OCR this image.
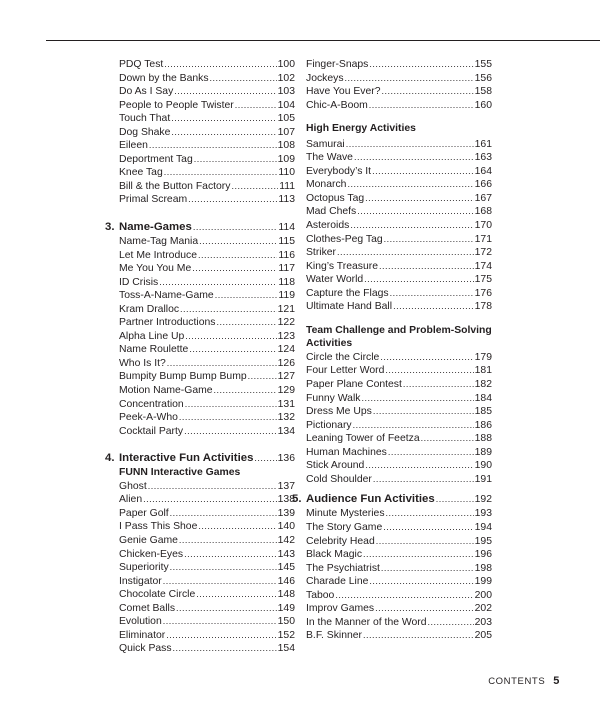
PDQ Test .....	100
Down by the Banks .....	102
Do As I Say .....	103
People to People Twister .....	104
Touch That .....	105
Dog Shake .....	107
Eileen .....	108
Deportment Tag .....	109
Knee Tag .....	110
Bill & the Button Factory .....	111
Primal Scream .....	113
3. Name-Games .....	114
Name-Tag Mania .....	115
Let Me Introduce .....	116
Me You You Me .....	117
ID Crisis .....	118
Toss-A-Name-Game .....	119
Kram Dralloc .....	121
Partner Introductions .....	122
Alpha Line Up .....	123
Name Roulette .....	124
Who Is It? .....	126
Bumpity Bump Bump Bump .....	127
Motion Name-Game .....	129
Concentration .....	131
Peek-A-Who .....	132
Cocktail Party .....	134
4. Interactive Fun Activities ..... 136
FUNN Interactive Games
Ghost .....	137
Alien .....	138
Paper Golf .....	139
I Pass This Shoe .....	140
Genie Game .....	142
Chicken-Eyes .....	143
Superiority .....	145
Instigator .....	146
Chocolate Circle .....	148
Comet Balls .....	149
Evolution .....	150
Eliminator .....	152
Quick Pass .....	154
Finger-Snaps .....	155
Jockeys .....	156
Have You Ever? .....	158
Chic-A-Boom .....	160
High Energy Activities
Samurai .....	161
The Wave .....	163
Everybody’s It .....	164
Monarch .....	166
Octopus Tag .....	167
Mad Chefs .....	168
Asteroids .....	170
Clothes-Peg Tag .....	171
Striker .....	172
King’s Treasure .....	174
Water World .....	175
Capture the Flags .....	176
Ultimate Hand Ball .....	178
Team Challenge and Problem-Solving
Activities
Circle the Circle .....	179
Four Letter Word .....	181
Paper Plane Contest .....	182
Funny Walk .....	184
Dress Me Ups .....	185
Pictionary .....	186
Leaning Tower of Feetza .....	188
Human Machines .....	189
Stick Around .....	190
Cold Shoulder .....	191
5. Audience Fun Activities .....	192
Minute Mysteries .....	193
The Story Game .....	194
Celebrity Head .....	195
Black Magic .....	196
The Psychiatrist .....	198
Charade Line .....	199
Taboo .....	200
Improv Games .....	202
In the Manner of the Word .....	203
B.F. Skinner .....	205
CONTENTS 5
